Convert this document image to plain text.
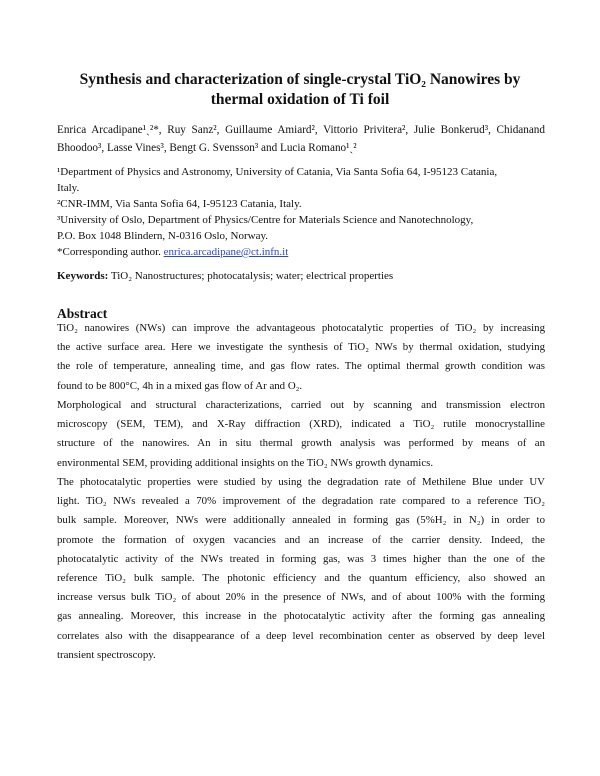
Synthesis and characterization of single-crystal TiO₂ Nanowires by
thermal oxidation of Ti foil
Enrica Arcadipane¹ˏ²*, Ruy Sanz², Guillaume Amiard², Vittorio Privitera², Julie Bonkerud³, Chidanand
Bhoodoo³, Lasse Vines³, Bengt G. Svensson³ and Lucia Romano¹ˏ²
¹Department of Physics and Astronomy, University of Catania, Via Santa Sofia 64, I-95123 Catania,
Italy.
²CNR-IMM, Via Santa Sofia 64, I-95123 Catania, Italy.
³University of Oslo, Department of Physics/Centre for Materials Science and Nanotechnology,
P.O. Box 1048 Blindern, N-0316 Oslo, Norway.
*Corresponding author. enrica.arcadipane@ct.infn.it
Keywords: TiO₂ Nanostructures; photocatalysis; water; electrical properties
Abstract
TiO₂ nanowires (NWs) can improve the advantageous photocatalytic properties of TiO₂ by increasing
the active surface area. Here we investigate the synthesis of TiO₂ NWs by thermal oxidation, studying
the role of temperature, annealing time, and gas flow rates. The optimal thermal growth condition was
found to be 800°C, 4h in a mixed gas flow of Ar and O₂.
Morphological and structural characterizations, carried out by scanning and transmission electron
microscopy (SEM, TEM), and X-Ray diffraction (XRD), indicated a TiO₂ rutile monocrystalline
structure of the nanowires. An in situ thermal growth analysis was performed by means of an
environmental SEM, providing additional insights on the TiO₂ NWs growth dynamics.
The photocatalytic properties were studied by using the degradation rate of Methilene Blue under UV
light. TiO₂ NWs revealed a 70% improvement of the degradation rate compared to a reference TiO₂
bulk sample. Moreover, NWs were additionally annealed in forming gas (5%H₂ in N₂) in order to
promote the formation of oxygen vacancies and an increase of the carrier density. Indeed, the
photocatalytic activity of the NWs treated in forming gas, was 3 times higher than the one of the
reference TiO₂ bulk sample. The photonic efficiency and the quantum efficiency, also showed an
increase versus bulk TiO₂ of about 20% in the presence of NWs, and of about 100% with the forming
gas annealing. Moreover, this increase in the photocatalytic activity after the forming gas annealing
correlates also with the disappearance of a deep level recombination center as observed by deep level
transient spectroscopy.
